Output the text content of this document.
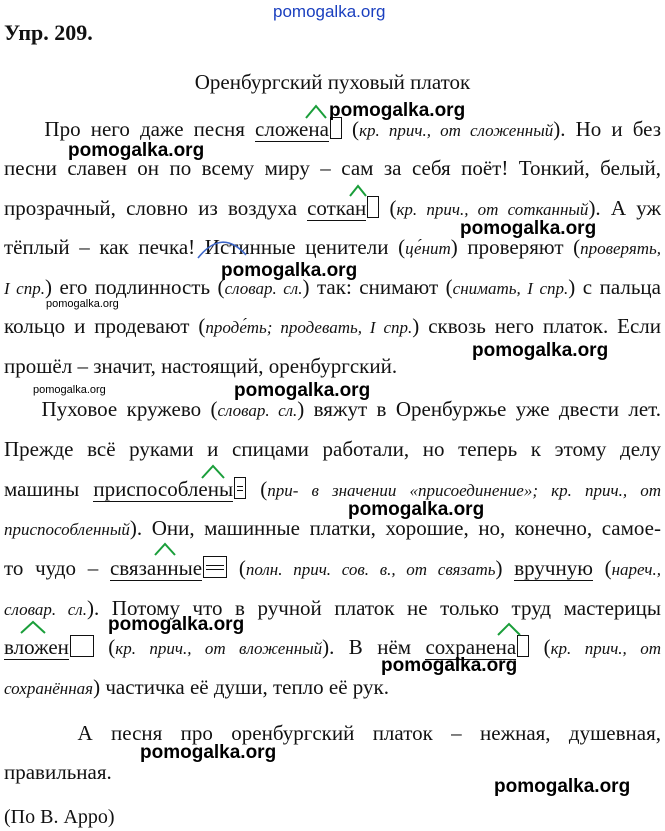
pomogalka.org
Упр. 209.
Оренбургский пуховый платок
Про него даже песня сложена (кр. прич., от сложенный). Но и без
песни славен он по всему миру – сам за себя поёт! Тонкий, белый,
прозрачный, словно из воздуха соткан (кр. прич., от сотканный). А уж
тёплый – как печка! Истинные ценители (це́нит) проверяют (проверять,
I спр.) его подлинность (словар. сл.) так: снимают (снимать, I спр.) с пальца
кольцо и продевают (проде́ть; продевать, I спр.) сквозь него платок. Если
прошёл – значит, настоящий, оренбургский.
Пуховое кружево (словар. сл.) вяжут в Оренбуржье уже двести лет.
Прежде всё руками и спицами работали, но теперь к этому делу
машины приспособлены (при- в значении «присоединение»; кр. прич., от
приспособленный). Они, машинные платки, хорошие, но, конечно, самое-
то чудо – связанные (полн. прич. сов. в., от связать) вручную (нареч.,
словар. сл.). Потому что в ручной платок не только труд мастерицы
вложен (кр. прич., от вложенный). В нём сохранена (кр. прич., от
сохранённая) частичка её души, тепло её рук.
А песня про оренбургский платок – нежная, душевная,
правильная.
(По В. Арро)
pomogalka.org
pomogalka.org
pomogalka.org
pomogalka.org
pomogalka.org
pomogalka.org
pomogalka.org	pomogalka.org
pomogalka.org
pomogalka.org
pomogalka.org
pomogalka.org
pomogalka.org
